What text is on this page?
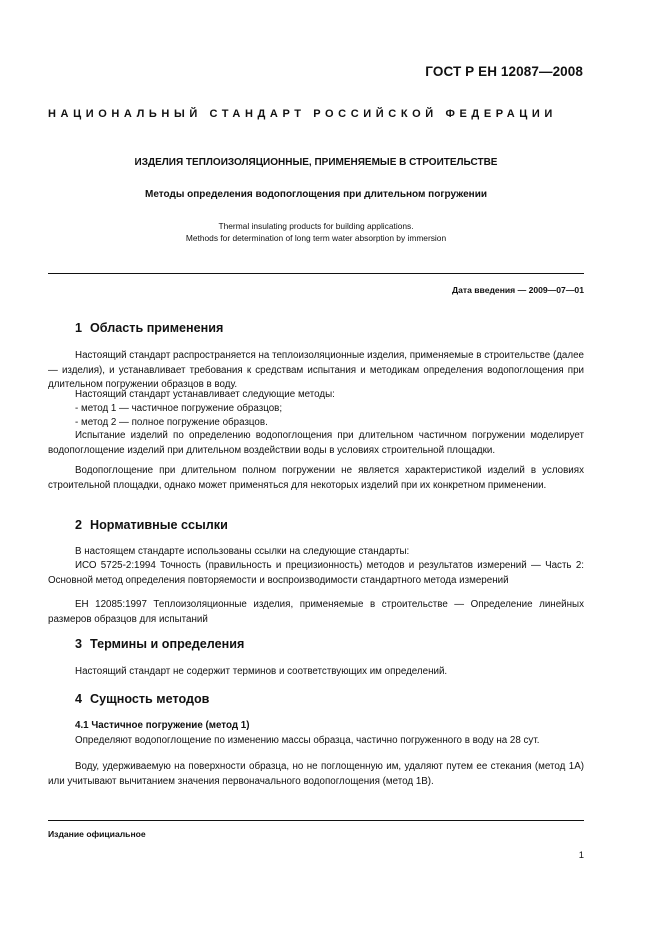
ГОСТ Р ЕН 12087—2008
НАЦИОНАЛЬНЫЙ СТАНДАРТ РОССИЙСКОЙ ФЕДЕРАЦИИ
ИЗДЕЛИЯ ТЕПЛОИЗОЛЯЦИОННЫЕ, ПРИМЕНЯЕМЫЕ В СТРОИТЕЛЬСТВЕ
Методы определения водопоглощения при длительном погружении
Thermal insulating products for building applications.
Methods for determination of long term water absorption by immersion
Дата введения — 2009—07—01
1 Область применения

Настоящий стандарт распространяется на теплоизоляционные изделия, применяемые в строительстве (далее — изделия), и устанавливает требования к средствам испытания и методикам определения водопоглощения при длительном погружении образцов в воду.

Настоящий стандарт устанавливает следующие методы:

- метод 1 — частичное погружение образцов;

- метод 2 — полное погружение образцов.

Испытание изделий по определению водопоглощения при длительном частичном погружении моделирует водопоглощение изделий при длительном воздействии воды в условиях строительной площадки.

Водопоглощение при длительном полном погружении не является характеристикой изделий в условиях строительной площадки, однако может применяться для некоторых изделий при их конкретном применении.

2 Нормативные ссылки

В настоящем стандарте использованы ссылки на следующие стандарты:

ИСО 5725-2:1994 Точность (правильность и прецизионность) методов и результатов измерений — Часть 2: Основной метод определения повторяемости и воспроизводимости стандартного метода измерений

ЕН 12085:1997 Теплоизоляционные изделия, применяемые в строительстве — Определение линейных размеров образцов для испытаний

3 Термины и определения

Настоящий стандарт не содержит терминов и соответствующих им определений.

4 Сущность методов

4.1 Частичное погружение (метод 1)

Определяют водопоглощение по изменению массы образца, частично погруженного в воду на 28 сут.

Воду, удерживаемую на поверхности образца, но не поглощенную им, удаляют путем ее стекания (метод 1А) или учитывают вычитанием значения первоначального водопоглощения (метод 1В).

Издание официальное
1
